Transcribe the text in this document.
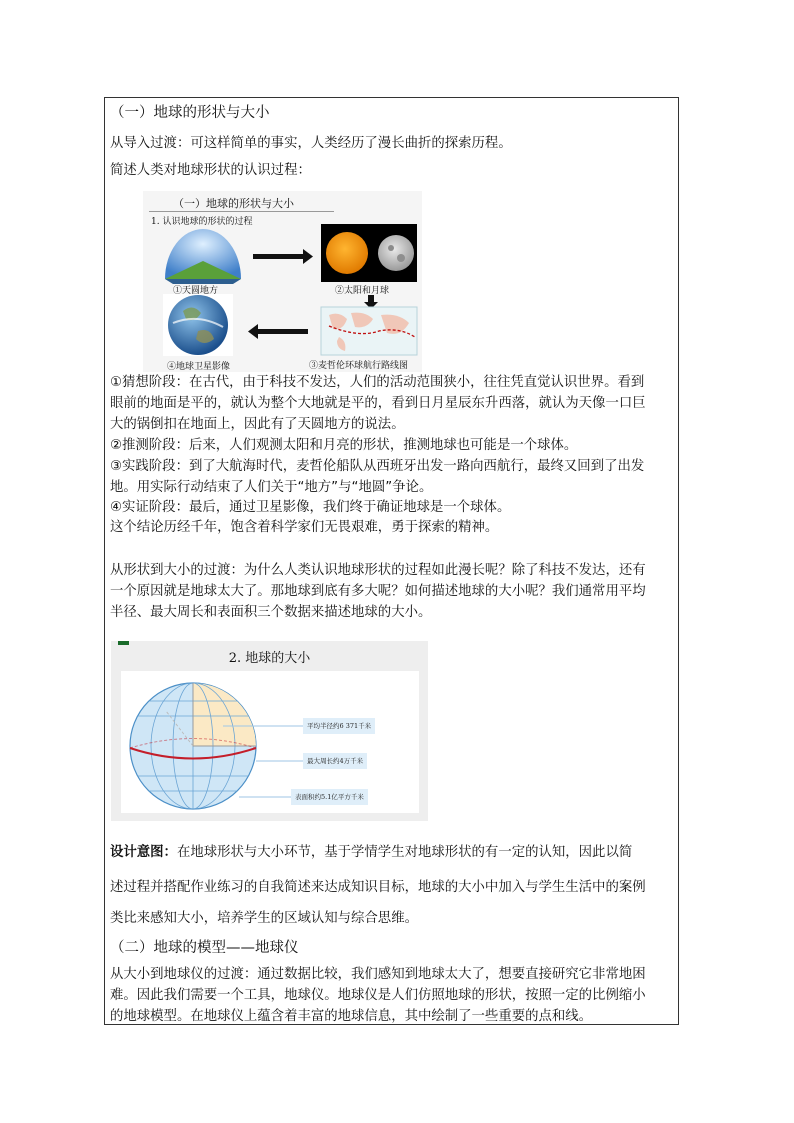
（一）地球的形状与大小
从导入过渡：可这样简单的事实，人类经历了漫长曲折的探索历程。
简述人类对地球形状的认识过程：
（一）地球的形状与大小
1. 认识地球的形状的过程
①天圆地方	②太阳和月球
④地球卫星影像	③麦哲伦环球航行路线图
①猜想阶段：在古代，由于科技不发达，人们的活动范围狭小，往往凭直觉认识世界。看到
眼前的地面是平的，就认为整个大地就是平的，看到日月星辰东升西落，就认为天像一口巨
大的锅倒扣在地面上，因此有了天圆地方的说法。
②推测阶段：后来，人们观测太阳和月亮的形状，推测地球也可能是一个球体。
③实践阶段：到了大航海时代，麦哲伦船队从西班牙出发一路向西航行，最终又回到了出发
地。用实际行动结束了人们关于“地方”与“地圆”争论。
④实证阶段：最后，通过卫星影像，我们终于确证地球是一个球体。
这个结论历经千年，饱含着科学家们无畏艰难，勇于探索的精神。
从形状到大小的过渡：为什么人类认识地球形状的过程如此漫长呢？除了科技不发达，还有
一个原因就是地球太大了。那地球到底有多大呢？如何描述地球的大小呢？我们通常用平均
半径、最大周长和表面积三个数据来描述地球的大小。
2. 地球的大小
平均半径约6 371千米
最大周长约4万千米
表面积约5.1亿平方千米
设计意图：在地球形状与大小环节，基于学情学生对地球形状的有一定的认知，因此以简
述过程并搭配作业练习的自我简述来达成知识目标，地球的大小中加入与学生生活中的案例
类比来感知大小，培养学生的区域认知与综合思维。
（二）地球的模型——地球仪
从大小到地球仪的过渡：通过数据比较，我们感知到地球太大了，想要直接研究它非常地困
难。因此我们需要一个工具，地球仪。地球仪是人们仿照地球的形状，按照一定的比例缩小
的地球模型。在地球仪上蕴含着丰富的地球信息，其中绘制了一些重要的点和线。
